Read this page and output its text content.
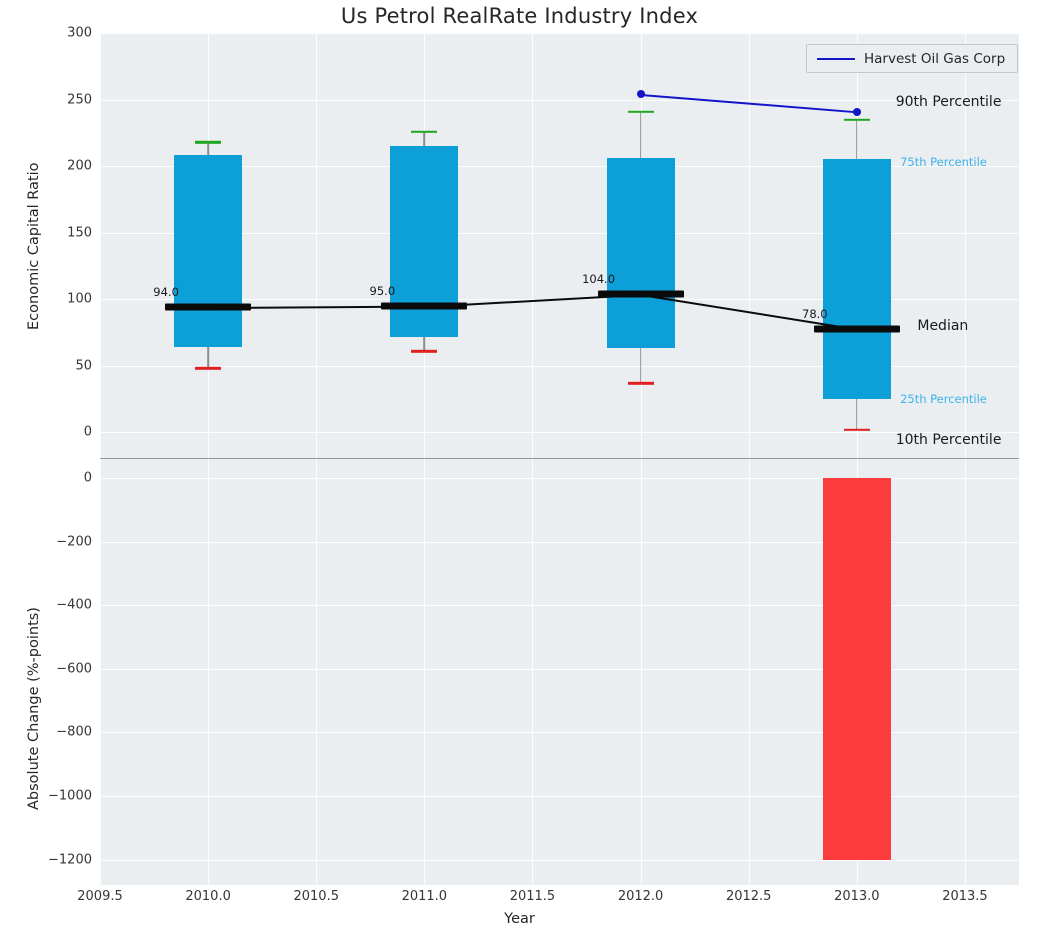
Us Petrol RealRate Industry Index
Economic Capital Ratio
Absolute Change (%-points)
Year
94.0	95.0
104.0
78.0
Harvest Oil Gas Corp
0
50
100
150
200
250
300
0
−200
−400
−600
−800
−1000
−1200
2009.5	2010.0	2010.5	2011.0	2011.5	2012.0	2012.5	2013.0	2013.5
90th Percentile
75th Percentile
Median
25th Percentile
10th Percentile
